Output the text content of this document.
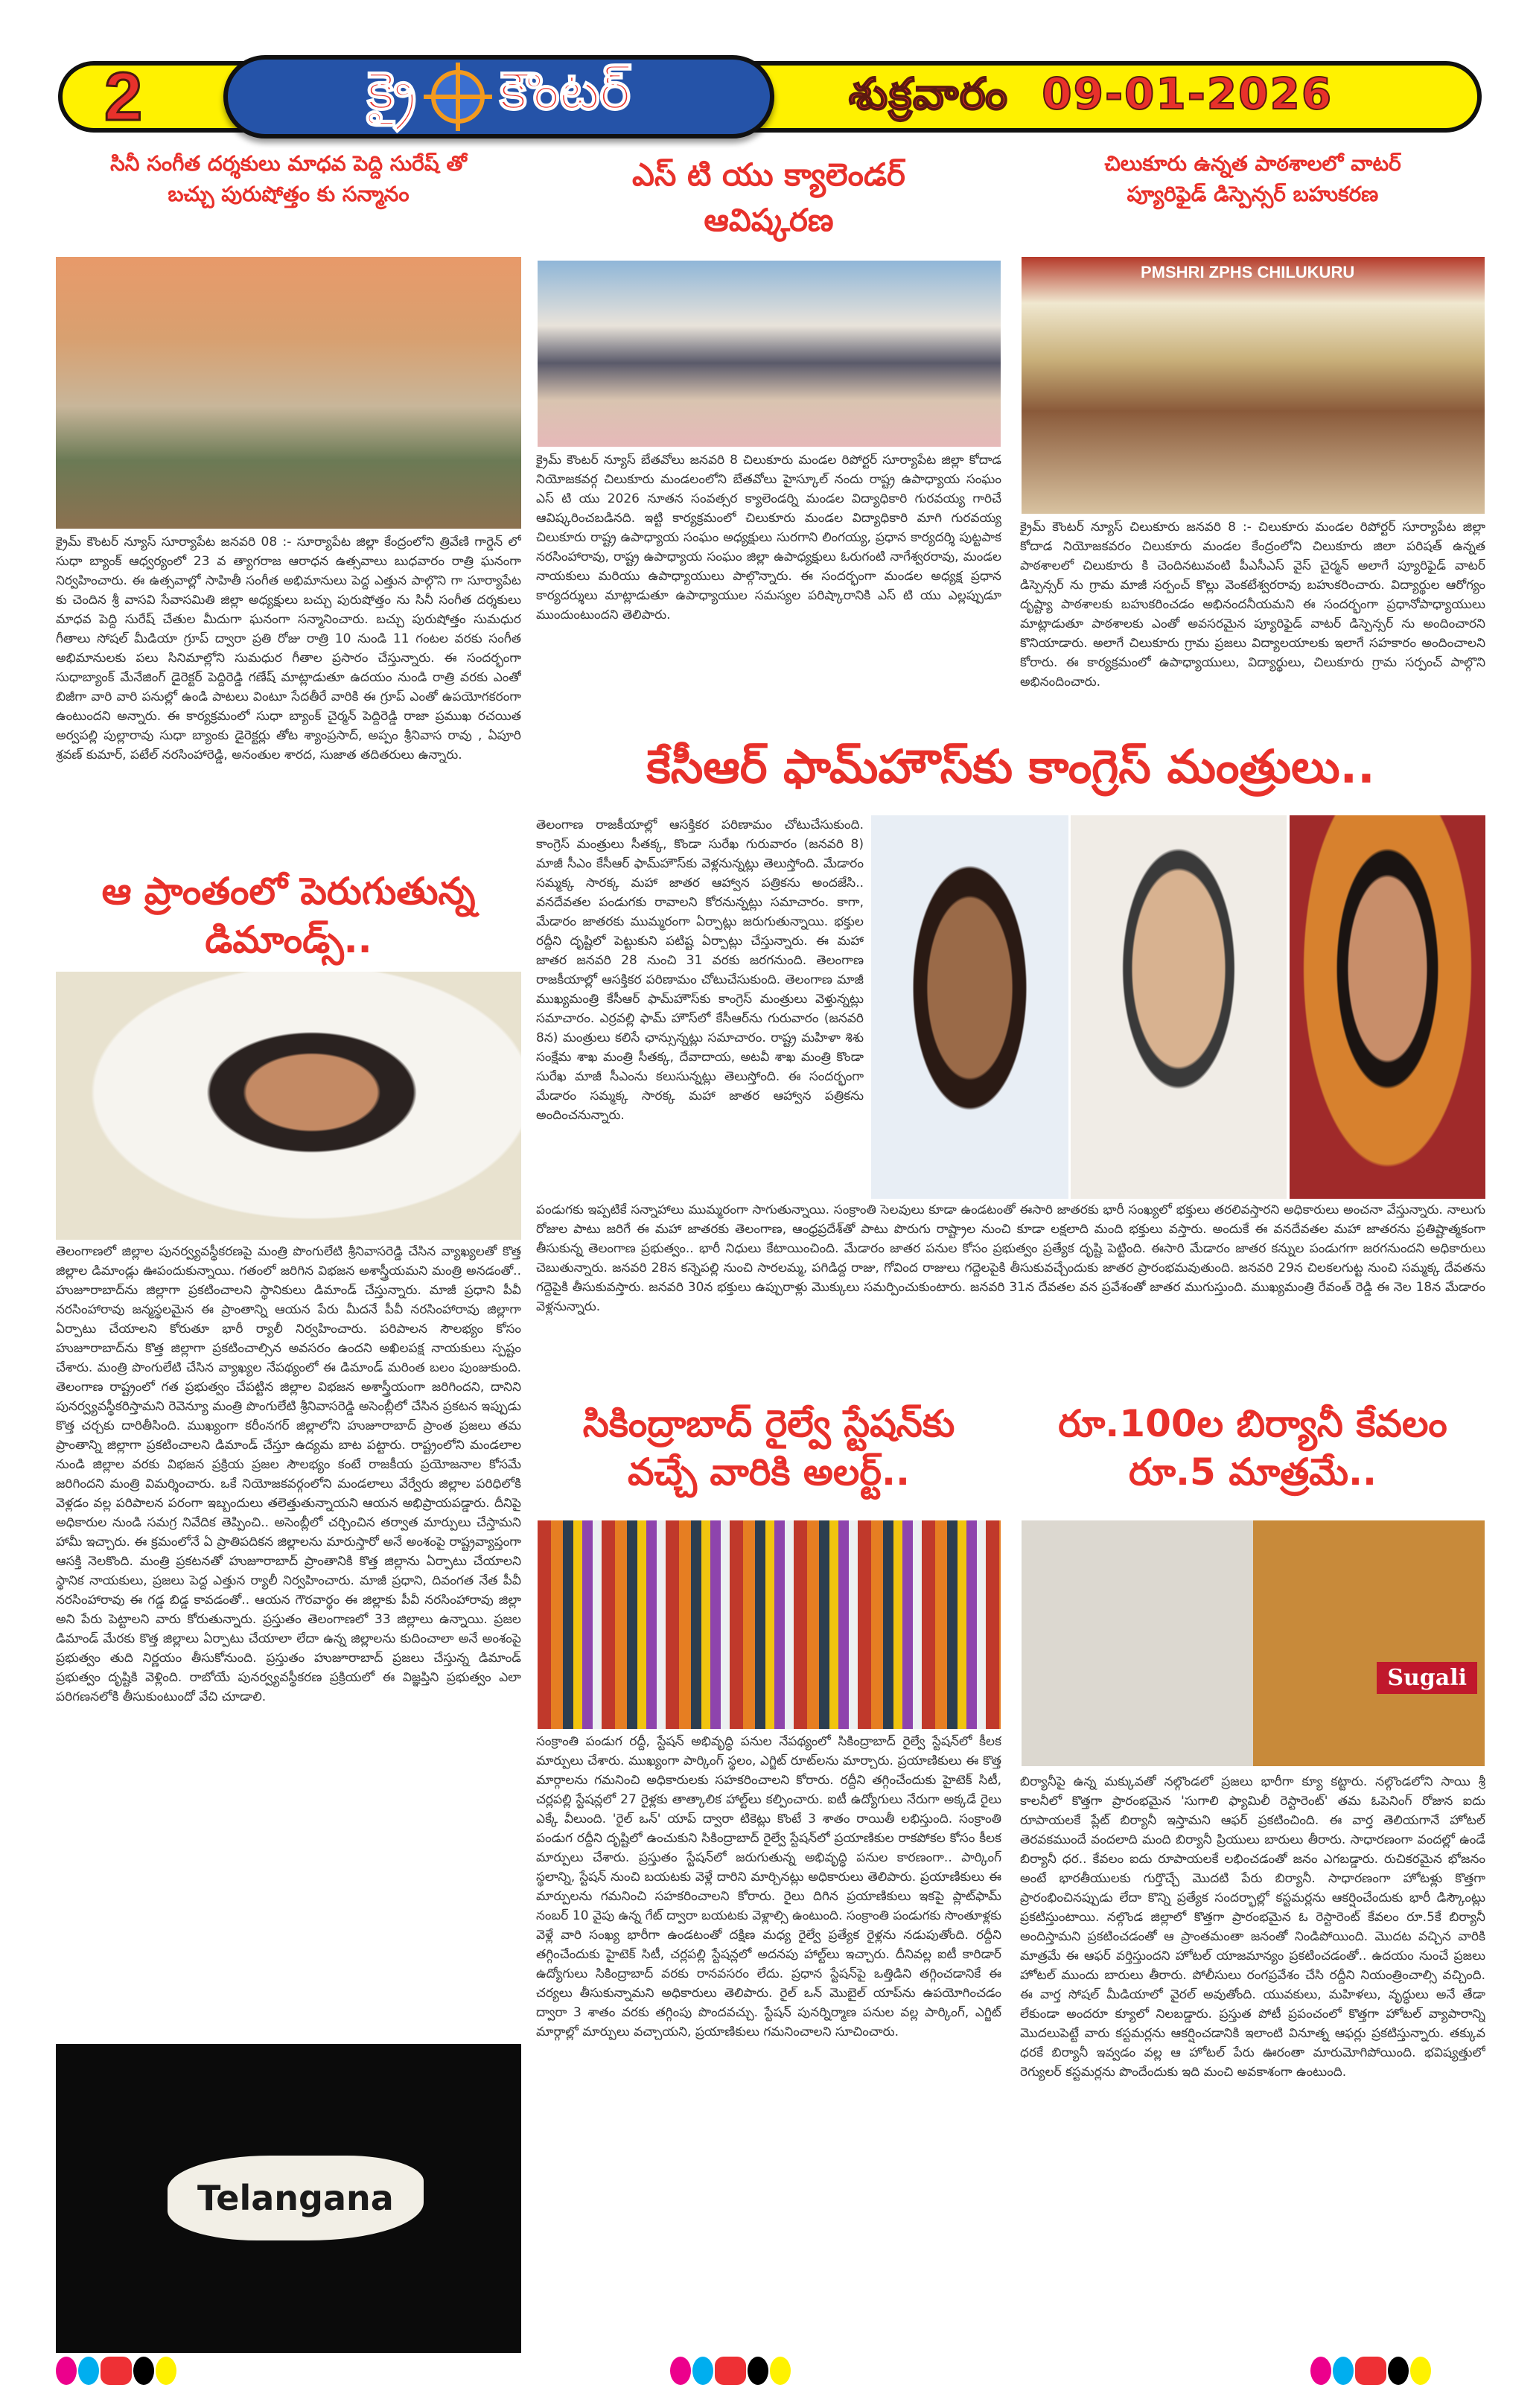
2	క్రై కౌంటర్	శుక్రవారం 09-01-2026
సినీ సంగీత దర్శకులు మాధవ పెద్ది సురేష్ తో
బచ్చు పురుషోత్తం కు సన్మానం
క్రైమ్ కౌంటర్ న్యూస్ సూర్యాపేట జనవరి 08 :- సూర్యాపేట జిల్లా కేంద్రంలోని త్రివేణి గార్డెన్ లో సుధా బ్యాంక్ ఆధ్వర్యంలో 23 వ త్యాగరాజ ఆరాధన ఉత్సవాలు బుధవారం రాత్రి ఘనంగా నిర్వహించారు. ఈ ఉత్సవాల్లో సాహితీ సంగీత అభిమానులు పెద్ద ఎత్తున పాల్గొని గా సూర్యాపేట కు చెందిన శ్రీ వాసవి సేవాసమితి జిల్లా అధ్యక్షులు బచ్చు పురుషోత్తం ను సినీ సంగీత దర్శకులు మాధవ పెద్ది సురేష్ చేతుల మీదుగా ఘనంగా సన్మానించారు. బచ్చు పురుషోత్తం సుమధుర గీతాలు సోషల్ మీడియా గ్రూప్ ద్వారా ప్రతి రోజు రాత్రి 10 నుండి 11 గంటల వరకు సంగీత అభిమానులకు పలు సినిమాల్లోని సుమధుర గీతాల ప్రసారం చేస్తున్నారు. ఈ సందర్భంగా సుధాబ్యాంక్ మేనేజింగ్ డైరెక్టర్ పెద్దిరెడ్డి గణేష్ మాట్లాడుతూ ఉదయం నుండి రాత్రి వరకు ఎంతో బిజీగా వారి వారి పనుల్లో ఉండి పాటలు వింటూ సేదతీరే వారికి ఈ గ్రూప్ ఎంతో ఉపయోగకరంగా ఉంటుందని అన్నారు. ఈ కార్యక్రమంలో సుధా బ్యాంక్ చైర్మన్ పెద్దిరెడ్డి రాజా ప్రముఖ రచయిత అర్వపల్లి పుల్లారావు సుధా బ్యాంకు డైరెక్టర్లు తోట శ్యాంప్రసాద్, అప్పం శ్రీనివాస రావు , ఏపూరి శ్రవణ్ కుమార్, పటేల్ నరసింహారెడ్డి, అనంతుల శారద, సుజాత తదితరులు ఉన్నారు.
ఎస్ టి యు క్యాలెండర్
ఆవిష్కరణ
క్రైమ్ కౌంటర్ న్యూస్ బేతవోలు జనవరి 8 చిలుకూరు మండల రిపోర్టర్ సూర్యాపేట జిల్లా కోదాడ నియోజకవర్గ చిలుకూరు మండలంలోని బేతవోలు హైస్కూల్ నందు రాష్ట్ర ఉపాధ్యాయ సంఘం ఎస్ టి యు 2026 నూతన సంవత్సర క్యాలెండర్ని మండల విద్యాధికారి గురవయ్య గారిచే ఆవిష్కరించబడినది. ఇట్టి కార్యక్రమంలో చిలుకూరు మండల విద్యాధికారి మాగి గురవయ్య చిలుకూరు రాష్ట్ర ఉపాధ్యాయ సంఘం అధ్యక్షులు సురగాని లింగయ్య, ప్రధాన కార్యదర్శి పుట్టపాక నరసింహారావు, రాష్ట్ర ఉపాధ్యాయ సంఘం జిల్లా ఉపాధ్యక్షులు ఓరుగంటి నాగేశ్వరరావు, మండల నాయకులు మరియు ఉపాధ్యాయులు పాల్గొన్నారు. ఈ సందర్భంగా మండల అధ్యక్ష ప్రధాన కార్యదర్శులు మాట్లాడుతూ ఉపాధ్యాయుల సమస్యల పరిష్కారానికి ఎస్ టి యు ఎల్లప్పుడూ ముందుంటుందని తెలిపారు.
చిలుకూరు ఉన్నత పాఠశాలలో వాటర్
ప్యూరిఫైడ్ డిస్పెన్సర్ బహుకరణ
PMSHRI ZPHS CHILUKURU
క్రైమ్ కౌంటర్ న్యూస్ చిలుకూరు జనవరి 8 :- చిలుకూరు మండల రిపోర్టర్ సూర్యాపేట జిల్లా కోదాడ నియోజకవరం చిలుకూరు మండల కేంద్రంలోని చిలుకూరు జిలా పరిషత్ ఉన్నత పాఠశాలలో చిలుకూరు కి చెందినటువంటి పీఎసీఎస్ వైస్ చైర్మన్ అలాగే ప్యూరిఫైడ్ వాటర్ డిస్పెన్సర్ ను గ్రామ మాజీ సర్పంచ్ కొల్లు వెంకటేశ్వరరావు బహుకరించారు. విద్యార్థుల ఆరోగ్యం దృష్ట్యా పాఠశాలకు బహుకరించడం అభినందనీయమని ఈ సందర్భంగా ప్రధానోపాధ్యాయులు మాట్లాడుతూ పాఠశాలకు ఎంతో అవసరమైన ప్యూరిఫైడ్ వాటర్ డిస్పెన్సర్ ను అందించారని కొనియాడారు. అలాగే చిలుకూరు గ్రామ ప్రజలు విద్యాలయాలకు ఇలాగే సహకారం అందించాలని కోరారు. ఈ కార్యక్రమంలో ఉపాధ్యాయులు, విద్యార్థులు, చిలుకూరు గ్రామ సర్పంచ్ పాల్గొని అభినందించారు.
కేసీఆర్ ఫామ్‌హౌస్‌కు కాంగ్రెస్ మంత్రులు..
తెలంగాణ రాజకీయాల్లో ఆసక్తికర పరిణామం చోటుచేసుకుంది. కాంగ్రెస్ మంత్రులు సీతక్క, కొండా సురేఖ గురువారం (జనవరి 8) మాజీ సీఎం కేసీఆర్ ఫామ్‌హౌస్‌కు వెళ్లనున్నట్లు తెలుస్తోంది. మేడారం సమ్మక్క సారక్క మహా జాతర ఆహ్వాన పత్రికను అందజేసి.. వనదేవతల పండుగకు రావాలని కోరనున్నట్లు సమాచారం. కాగా, మేడారం జాతరకు ముమ్మరంగా ఏర్పాట్లు జరుగుతున్నాయి. భక్తుల రద్దీని దృష్టిలో పెట్టుకుని పటిష్ట ఏర్పాట్లు చేస్తున్నారు. ఈ మహా జాతర జనవరి 28 నుంచి 31 వరకు జరగనుంది. తెలంగాణ రాజకీయాల్లో ఆసక్తికర పరిణామం చోటుచేసుకుంది. తెలంగాణ మాజీ ముఖ్యమంత్రి కేసీఆర్ ఫామ్‌హౌస్‌కు కాంగ్రెస్ మంత్రులు వెళ్తున్నట్లు సమాచారం. ఎర్రవల్లి ఫామ్ హౌస్‌లో కేసీఆర్‌ను గురువారం (జనవరి 8న) మంత్రులు కలిసే ఛాన్సున్నట్లు సమాచారం. రాష్ట్ర మహిళా శిశు సంక్షేమ శాఖ మంత్రి సీతక్క, దేవాదాయ, అటవీ శాఖ మంత్రి కొండా సురేఖ మాజీ సీఎంను కలుసున్నట్లు తెలుస్తోంది. ఈ సందర్భంగా మేడారం సమ్మక్క సారక్క మహా జాతర ఆహ్వాన పత్రికను అందించనున్నారు.
పండుగకు ఇప్పటికే సన్నాహాలు ముమ్మరంగా సాగుతున్నాయి. సంక్రాంతి సెలవులు కూడా ఉండటంతో ఈసారి జాతరకు భారీ సంఖ్యలో భక్తులు తరలివస్తారని అధికారులు అంచనా వేస్తున్నారు. నాలుగు రోజుల పాటు జరిగే ఈ మహా జాతరకు తెలంగాణ, ఆంధ్రప్రదేశ్‌తో పాటు పొరుగు రాష్ట్రాల నుంచి కూడా లక్షలాది మంది భక్తులు వస్తారు. అందుకే ఈ వనదేవతల మహా జాతరను ప్రతిష్టాత్మకంగా తీసుకున్న తెలంగాణ ప్రభుత్వం.. భారీ నిధులు కేటాయించింది. మేడారం జాతర పనుల కోసం ప్రభుత్వం ప్రత్యేక దృష్టి పెట్టింది. ఈసారి మేడారం జాతర కన్నుల పండుగగా జరగనుందని అధికారులు చెబుతున్నారు. జనవరి 28న కన్నెపల్లి నుంచి సారలమ్మ, పగిడిద్ద రాజు, గోవింద రాజులు గద్దెలపైకి తీసుకువచ్చేందుకు జాతర ప్రారంభమవుతుంది. జనవరి 29న చిలకలగుట్ట నుంచి సమ్మక్క దేవతను గద్దెపైకి తీసుకువస్తారు. జనవరి 30న భక్తులు ఉప్పురాళ్లు మొక్కులు సమర్పించుకుంటారు. జనవరి 31న దేవతల వన ప్రవేశంతో జాతర ముగుస్తుంది. ముఖ్యమంత్రి రేవంత్ రెడ్డి ఈ నెల 18న మేడారం వెళ్లనున్నారు.
ఆ ప్రాంతంలో పెరుగుతున్న
డిమాండ్స్..
తెలంగాణలో జిల్లాల పునర్వ్యవస్థీకరణపై మంత్రి పొంగులేటి శ్రీనివాసరెడ్డి చేసిన వ్యాఖ్యలతో కొత్త జిల్లాల డిమాండ్లు ఊపందుకున్నాయి. గతంలో జరిగిన విభజన అశాస్త్రీయమని మంత్రి అనడంతో.. హుజూరాబాద్‌ను జిల్లాగా ప్రకటించాలని స్థానికులు డిమాండ్ చేస్తున్నారు. మాజీ ప్రధాని పీవీ నరసింహారావు జన్మస్థలమైన ఈ ప్రాంతాన్ని ఆయన పేరు మీదనే పీవీ నరసింహారావు జిల్లాగా ఏర్పాటు చేయాలని కోరుతూ భారీ ర్యాలీ నిర్వహించారు. పరిపాలన సౌలభ్యం కోసం హుజూరాబాద్‌ను కొత్త జిల్లాగా ప్రకటించాల్సిన అవసరం ఉందని అఖిలపక్ష నాయకులు స్పష్టం చేశారు. మంత్రి పొంగులేటి చేసిన వ్యాఖ్యల నేపథ్యంలో ఈ డిమాండ్ మరింత బలం పుంజుకుంది. తెలంగాణ రాష్ట్రంలో గత ప్రభుత్వం చేపట్టిన జిల్లాల విభజన అశాస్త్రీయంగా జరిగిందని, దానిని పునర్వ్యవస్థీకరిస్తామని రెవెన్యూ మంత్రి పొంగులేటి శ్రీనివాసరెడ్డి అసెంబ్లీలో చేసిన ప్రకటన ఇప్పుడు కొత్త చర్చకు దారితీసింది. ముఖ్యంగా కరీంనగర్ జిల్లాలోని హుజూరాబాద్ ప్రాంత ప్రజలు తమ ప్రాంతాన్ని జిల్లాగా ప్రకటించాలని డిమాండ్ చేస్తూ ఉద్యమ బాట పట్టారు. రాష్ట్రంలోని మండలాల నుండి జిల్లాల వరకు విభజన ప్రక్రియ ప్రజల సౌలభ్యం కంటే రాజకీయ ప్రయోజనాల కోసమే జరిగిందని మంత్రి విమర్శించారు. ఒకే నియోజకవర్గంలోని మండలాలు వేర్వేరు జిల్లాల పరిధిలోకి వెళ్లడం వల్ల పరిపాలన పరంగా ఇబ్బందులు తలెత్తుతున్నాయని ఆయన అభిప్రాయపడ్డారు. దీనిపై అధికారుల నుండి సమగ్ర నివేదిక తెప్పించి.. అసెంబ్లీలో చర్చించిన తర్వాత మార్పులు చేస్తామని హామీ ఇచ్చారు. ఈ క్రమంలోనే ఏ ప్రాతిపదికన జిల్లాలను మారుస్తారో అనే అంశంపై రాష్ట్రవ్యాప్తంగా ఆసక్తి నెలకొంది. మంత్రి ప్రకటనతో హుజూరాబాద్ ప్రాంతానికి కొత్త జిల్లాను ఏర్పాటు చేయాలని స్థానిక నాయకులు, ప్రజలు పెద్ద ఎత్తున ర్యాలీ నిర్వహించారు. మాజీ ప్రధాని, దివంగత నేత పీవీ నరసింహారావు ఈ గడ్డ బిడ్డ కావడంతో.. ఆయన గౌరవార్థం ఈ జిల్లాకు పీవీ నరసింహారావు జిల్లా అని పేరు పెట్టాలని వారు కోరుతున్నారు. ప్రస్తుతం తెలంగాణలో 33 జిల్లాలు ఉన్నాయి. ప్రజల డిమాండ్ మేరకు కొత్త జిల్లాలు ఏర్పాటు చేయాలా లేదా ఉన్న జిల్లాలను కుదించాలా అనే అంశంపై ప్రభుత్వం తుది నిర్ణయం తీసుకోనుంది. ప్రస్తుతం హుజూరాబాద్ ప్రజలు చేస్తున్న డిమాండ్ ప్రభుత్వం దృష్టికి వెళ్లింది. రాబోయే పునర్వ్యవస్థీకరణ ప్రక్రియలో ఈ విజ్ఞప్తిని ప్రభుత్వం ఎలా పరిగణనలోకి తీసుకుంటుందో వేచి చూడాలి.
Telangana
సికింద్రాబాద్ రైల్వే స్టేషన్‌కు
వచ్చే వారికి అలర్ట్..
సంక్రాంతి పండుగ రద్దీ, స్టేషన్ అభివృద్ధి పనుల నేపథ్యంలో సికింద్రాబాద్ రైల్వే స్టేషన్‌లో కీలక మార్పులు చేశారు. ముఖ్యంగా పార్కింగ్ స్థలం, ఎగ్జిట్ రూట్‌లను మార్చారు. ప్రయాణికులు ఈ కొత్త మార్గాలను గమనించి అధికారులకు సహకరించాలని కోరారు. రద్దీని తగ్గించేందుకు హైటెక్ సిటీ, చర్లపల్లి స్టేషన్లలో 27 రైళ్లకు తాత్కాలిక హాల్ట్‌లు కల్పించారు. ఐటీ ఉద్యోగులు నేరుగా అక్కడే రైలు ఎక్కే వీలుంది. 'రైల్ ఒన్' యాప్ ద్వారా టికెట్లు కొంటే 3 శాతం రాయితీ లభిస్తుంది. సంక్రాంతి పండుగ రద్దీని దృష్టిలో ఉంచుకుని సికింద్రాబాద్ రైల్వే స్టేషన్‌లో ప్రయాణికుల రాకపోకల కోసం కీలక మార్పులు చేశారు. ప్రస్తుతం స్టేషన్‌లో జరుగుతున్న అభివృద్ధి పనుల కారణంగా.. పార్కింగ్ స్థలాన్ని, స్టేషన్ నుంచి బయటకు వెళ్లే దారిని మార్చినట్లు అధికారులు తెలిపారు. ప్రయాణికులు ఈ మార్పులను గమనించి సహకరించాలని కోరారు. రైలు దిగిన ప్రయాణికులు ఇకపై ప్లాట్‌ఫామ్ నంబర్ 10 వైపు ఉన్న గేట్ ద్వారా బయటకు వెళ్లాల్సి ఉంటుంది. సంక్రాంతి పండుగకు సొంతూళ్లకు వెళ్లే వారి సంఖ్య భారీగా ఉండటంతో దక్షిణ మధ్య రైల్వే ప్రత్యేక రైళ్లను నడుపుతోంది. రద్దీని తగ్గించేందుకు హైటెక్ సిటీ, చర్లపల్లి స్టేషన్లలో అదనపు హాల్ట్‌లు ఇచ్చారు. దీనివల్ల ఐటీ కారిడార్ ఉద్యోగులు సికింద్రాబాద్ వరకు రానవసరం లేదు. ప్రధాన స్టేషన్‌పై ఒత్తిడిని తగ్గించడానికే ఈ చర్యలు తీసుకున్నామని అధికారులు తెలిపారు. రైల్ ఒన్ మొబైల్ యాప్‌ను ఉపయోగించడం ద్వారా 3 శాతం వరకు తగ్గింపు పొందవచ్చు. స్టేషన్ పునర్నిర్మాణ పనుల వల్ల పార్కింగ్, ఎగ్జిట్ మార్గాల్లో మార్పులు వచ్చాయని, ప్రయాణికులు గమనించాలని సూచించారు.
రూ.100ల బిర్యానీ కేవలం
రూ.5 మాత్రమే..
Sugali
బిర్యానీపై ఉన్న మక్కువతో నల్గొండలో ప్రజలు భారీగా క్యూ కట్టారు. నల్గొండలోని సాయి శ్రీ కాలనీలో కొత్తగా ప్రారంభమైన 'సుగాలి ఫ్యామిలీ రెస్టారెంట్' తమ ఓపెనింగ్ రోజున ఐదు రూపాయలకే ప్లేట్ బిర్యానీ ఇస్తామని ఆఫర్ ప్రకటించింది. ఈ వార్త తెలియగానే హోటల్ తెరవకముందే వందలాది మంది బిర్యానీ ప్రియులు బారులు తీరారు. సాధారణంగా వందల్లో ఉండే బిర్యానీ ధర.. కేవలం ఐదు రూపాయలకే లభించడంతో జనం ఎగబడ్డారు. రుచికరమైన భోజనం అంటే భారతీయులకు గుర్తొచ్చే మొదటి పేరు బిర్యానీ. సాధారణంగా హోటళ్లు కొత్తగా ప్రారంభించినప్పుడు లేదా కొన్ని ప్రత్యేక సందర్భాల్లో కస్టమర్లను ఆకర్షించేందుకు భారీ డిస్కౌంట్లు ప్రకటిస్తుంటాయి. నల్గొండ జిల్లాలో కొత్తగా ప్రారంభమైన ఓ రెస్టారెంట్ కేవలం రూ.5కే బిర్యానీ అందిస్తామని ప్రకటించడంతో ఆ ప్రాంతమంతా జనంతో నిండిపోయింది. మొదట వచ్చిన వారికి మాత్రమే ఈ ఆఫర్ వర్తిస్తుందని హోటల్ యాజమాన్యం ప్రకటించడంతో.. ఉదయం నుంచే ప్రజలు హోటల్ ముందు బారులు తీరారు. పోలీసులు రంగప్రవేశం చేసి రద్దీని నియంత్రించాల్సి వచ్చింది. ఈ వార్త సోషల్ మీడియాలో వైరల్ అవుతోంది. యువకులు, మహిళలు, వృద్ధులు అనే తేడా లేకుండా అందరూ క్యూలో నిలబడ్డారు. ప్రస్తుత పోటీ ప్రపంచంలో కొత్తగా హోటల్ వ్యాపారాన్ని మొదలుపెట్టే వారు కస్టమర్లను ఆకర్షించడానికి ఇలాంటి వినూత్న ఆఫర్లు ప్రకటిస్తున్నారు. తక్కువ ధరకే బిర్యానీ ఇవ్వడం వల్ల ఆ హోటల్ పేరు ఊరంతా మారుమోగిపోయింది. భవిష్యత్తులో రెగ్యులర్ కస్టమర్లను పొందేందుకు ఇది మంచి అవకాశంగా ఉంటుంది.
